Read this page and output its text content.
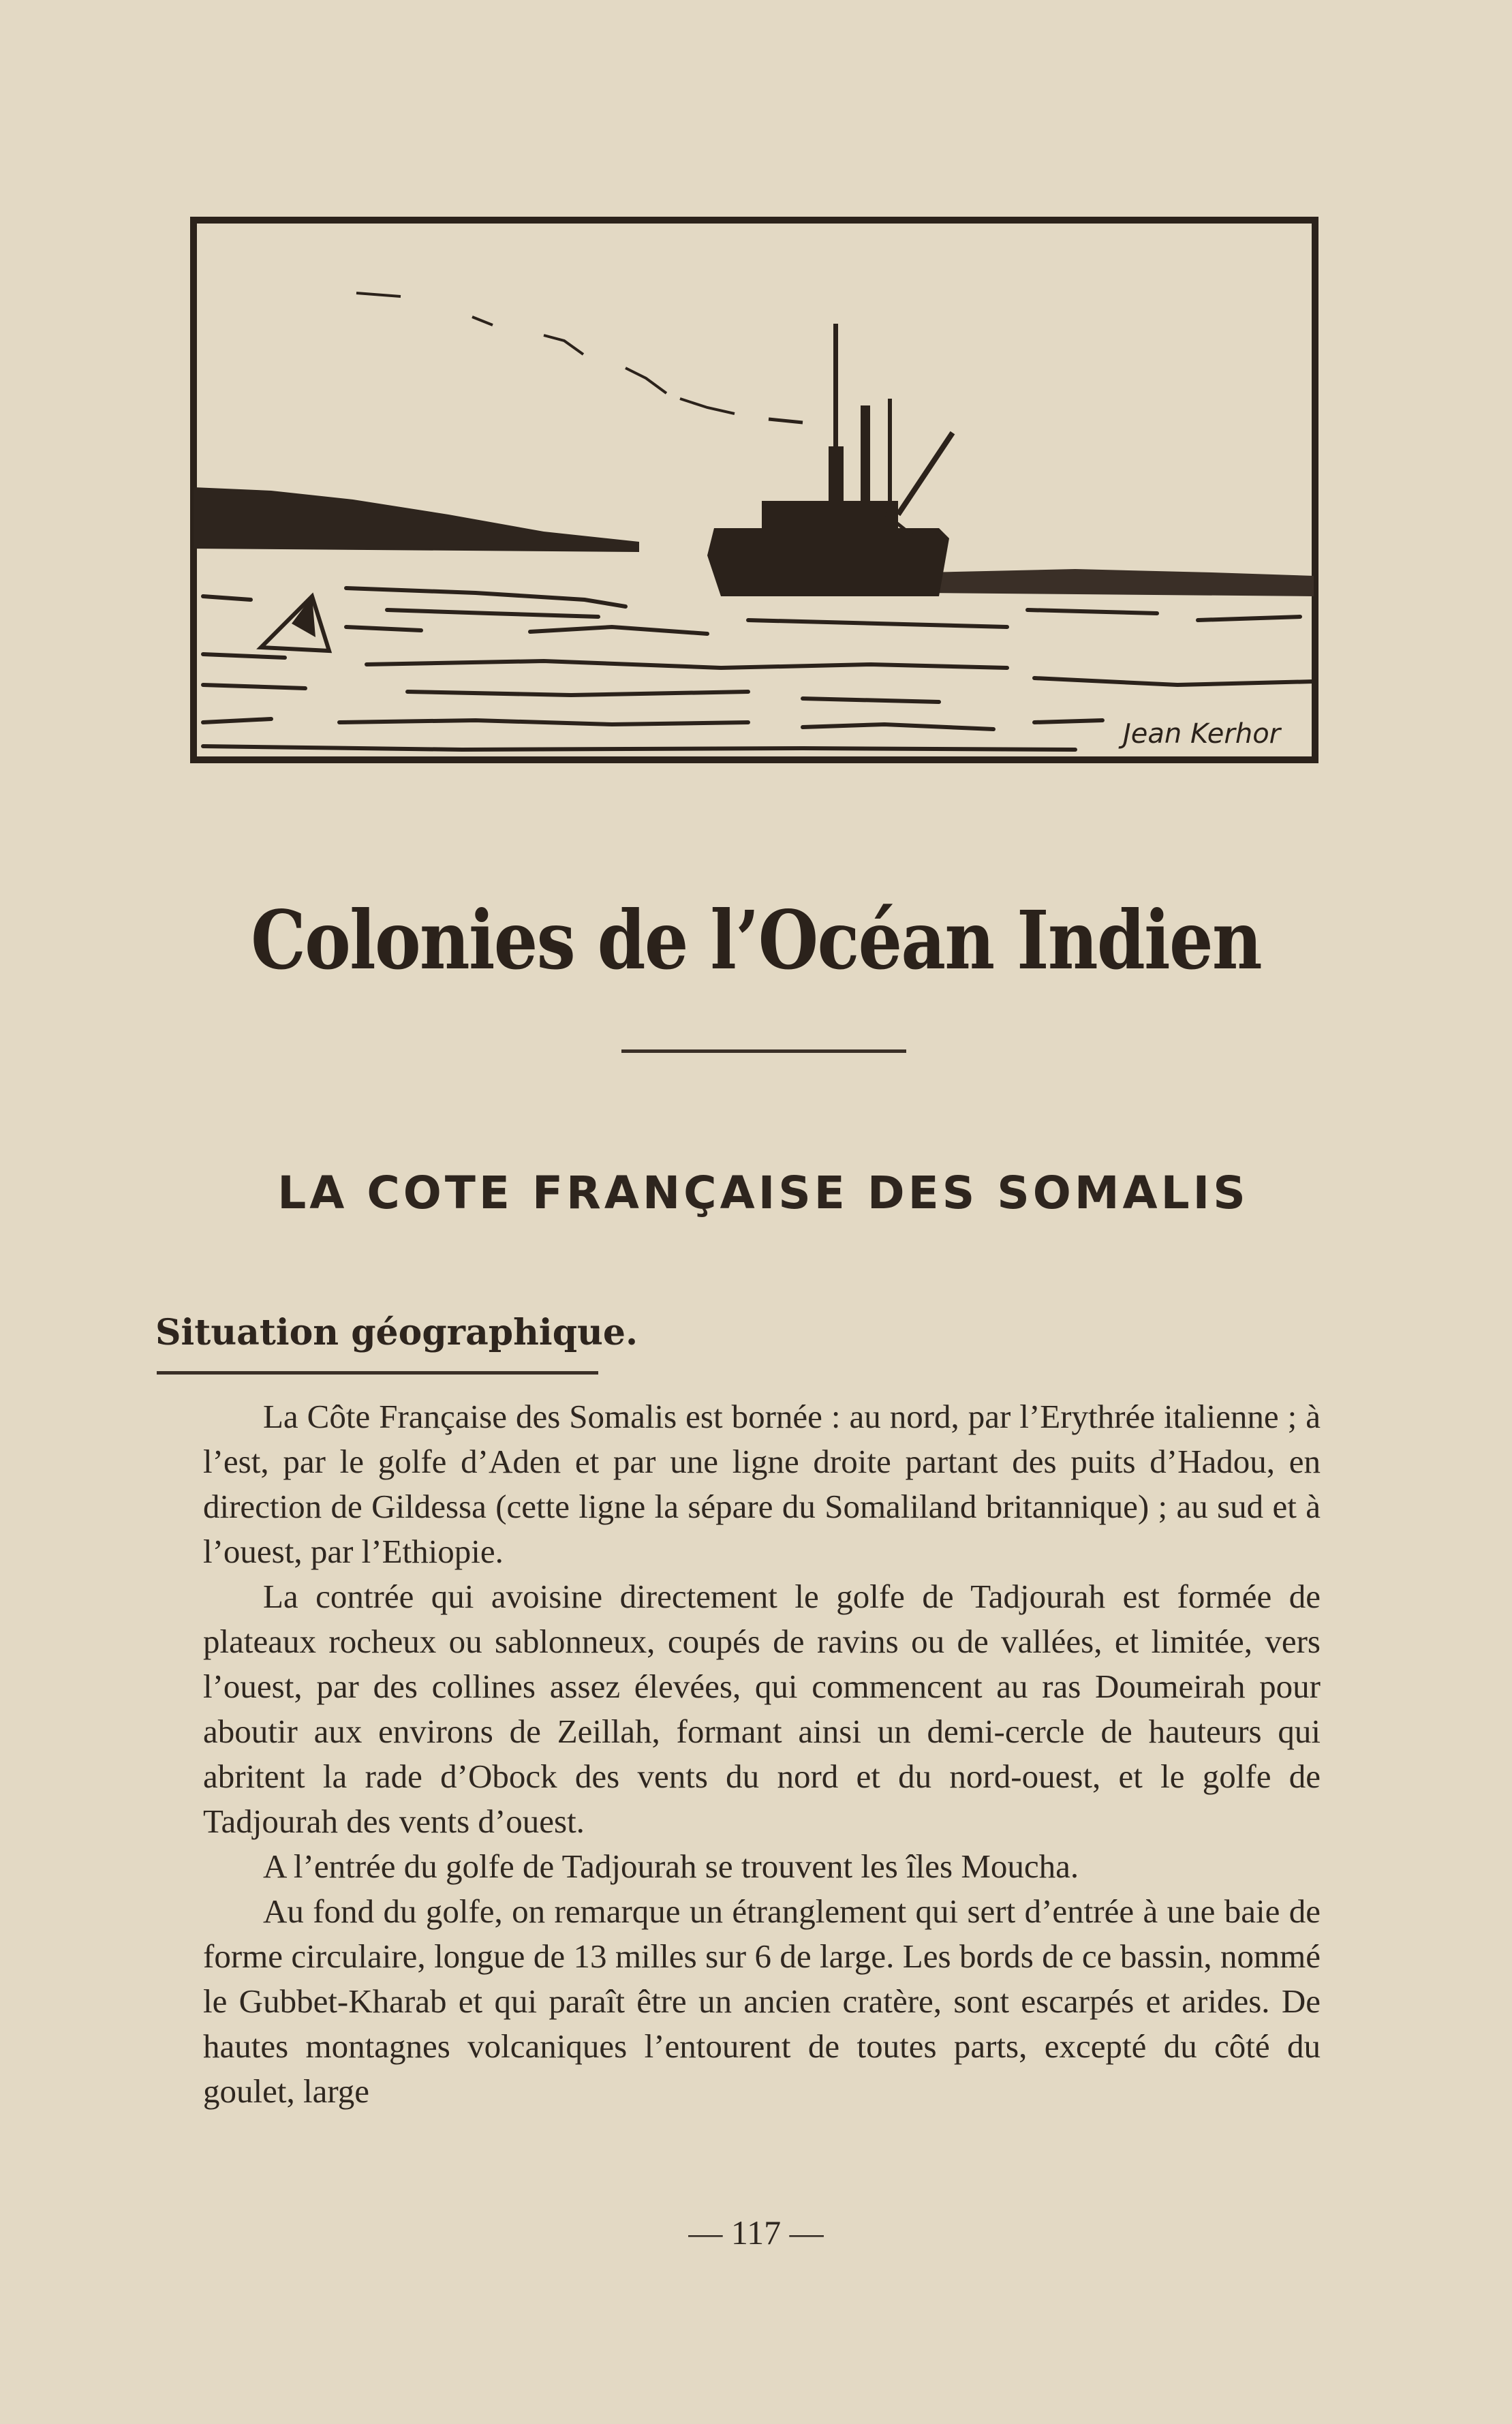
Jean Kerhor
Colonies de l’Océan Indien
LA COTE FRANÇAISE DES SOMALIS
Situation géographique.

La Côte Française des Somalis est bornée : au nord, par l’Erythrée italienne ; à l’est, par le golfe d’Aden et par une ligne droite partant des puits d’Hadou, en direction de Gildessa (cette ligne la sépare du Somaliland britannique) ; au sud et à l’ouest, par l’Ethiopie.

La contrée qui avoisine directement le golfe de Tadjourah est formée de plateaux rocheux ou sablonneux, coupés de ravins ou de vallées, et limitée, vers l’ouest, par des collines assez élevées, qui commencent au ras Doumeirah pour aboutir aux environs de Zeillah, formant ainsi un demi-cercle de hauteurs qui abritent la rade d’Obock des vents du nord et du nord-ouest, et le golfe de Tadjourah des vents d’ouest.

A l’entrée du golfe de Tadjourah se trouvent les îles Moucha.

Au fond du golfe, on remarque un étranglement qui sert d’entrée à une baie de forme circulaire, longue de 13 milles sur 6 de large. Les bords de ce bassin, nommé le Gubbet-Kharab et qui paraît être un ancien cratère, sont escarpés et arides. De hautes montagnes volcaniques l’entourent de toutes parts, excepté du côté du goulet, large

— 117 —
